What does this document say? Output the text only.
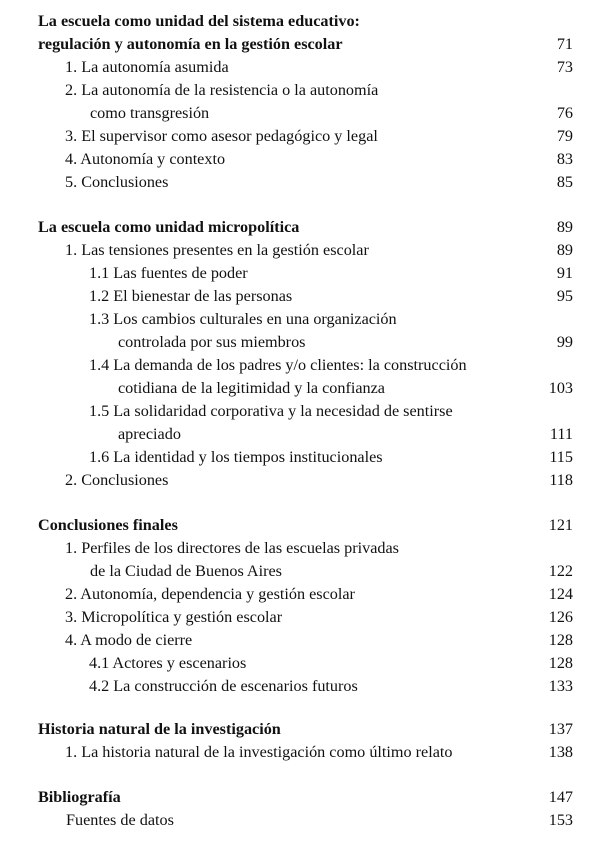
La escuela como unidad del sistema educativo:
regulación y autonomía en la gestión escolar	71
1. La autonomía asumida	73
2. La autonomía de la resistencia o la autonomía
como transgresión	76
3. El supervisor como asesor pedagógico y legal	79
4. Autonomía y contexto	83
5. Conclusiones	85
La escuela como unidad micropolítica	89
1. Las tensiones presentes en la gestión escolar	89
1.1 Las fuentes de poder	91
1.2 El bienestar de las personas	95
1.3 Los cambios culturales en una organización
controlada por sus miembros	99
1.4 La demanda de los padres y/o clientes: la construcción
cotidiana de la legitimidad y la confianza	103
1.5 La solidaridad corporativa y la necesidad de sentirse
apreciado	111
1.6 La identidad y los tiempos institucionales	115
2. Conclusiones	118
Conclusiones finales	121
1. Perfiles de los directores de las escuelas privadas
de la Ciudad de Buenos Aires	122
2. Autonomía, dependencia y gestión escolar	124
3. Micropolítica y gestión escolar	126
4. A modo de cierre	128
4.1 Actores y escenarios	128
4.2 La construcción de escenarios futuros	133
Historia natural de la investigación	137
1. La historia natural de la investigación como último relato	138
Bibliografía	147
Fuentes de datos	153
